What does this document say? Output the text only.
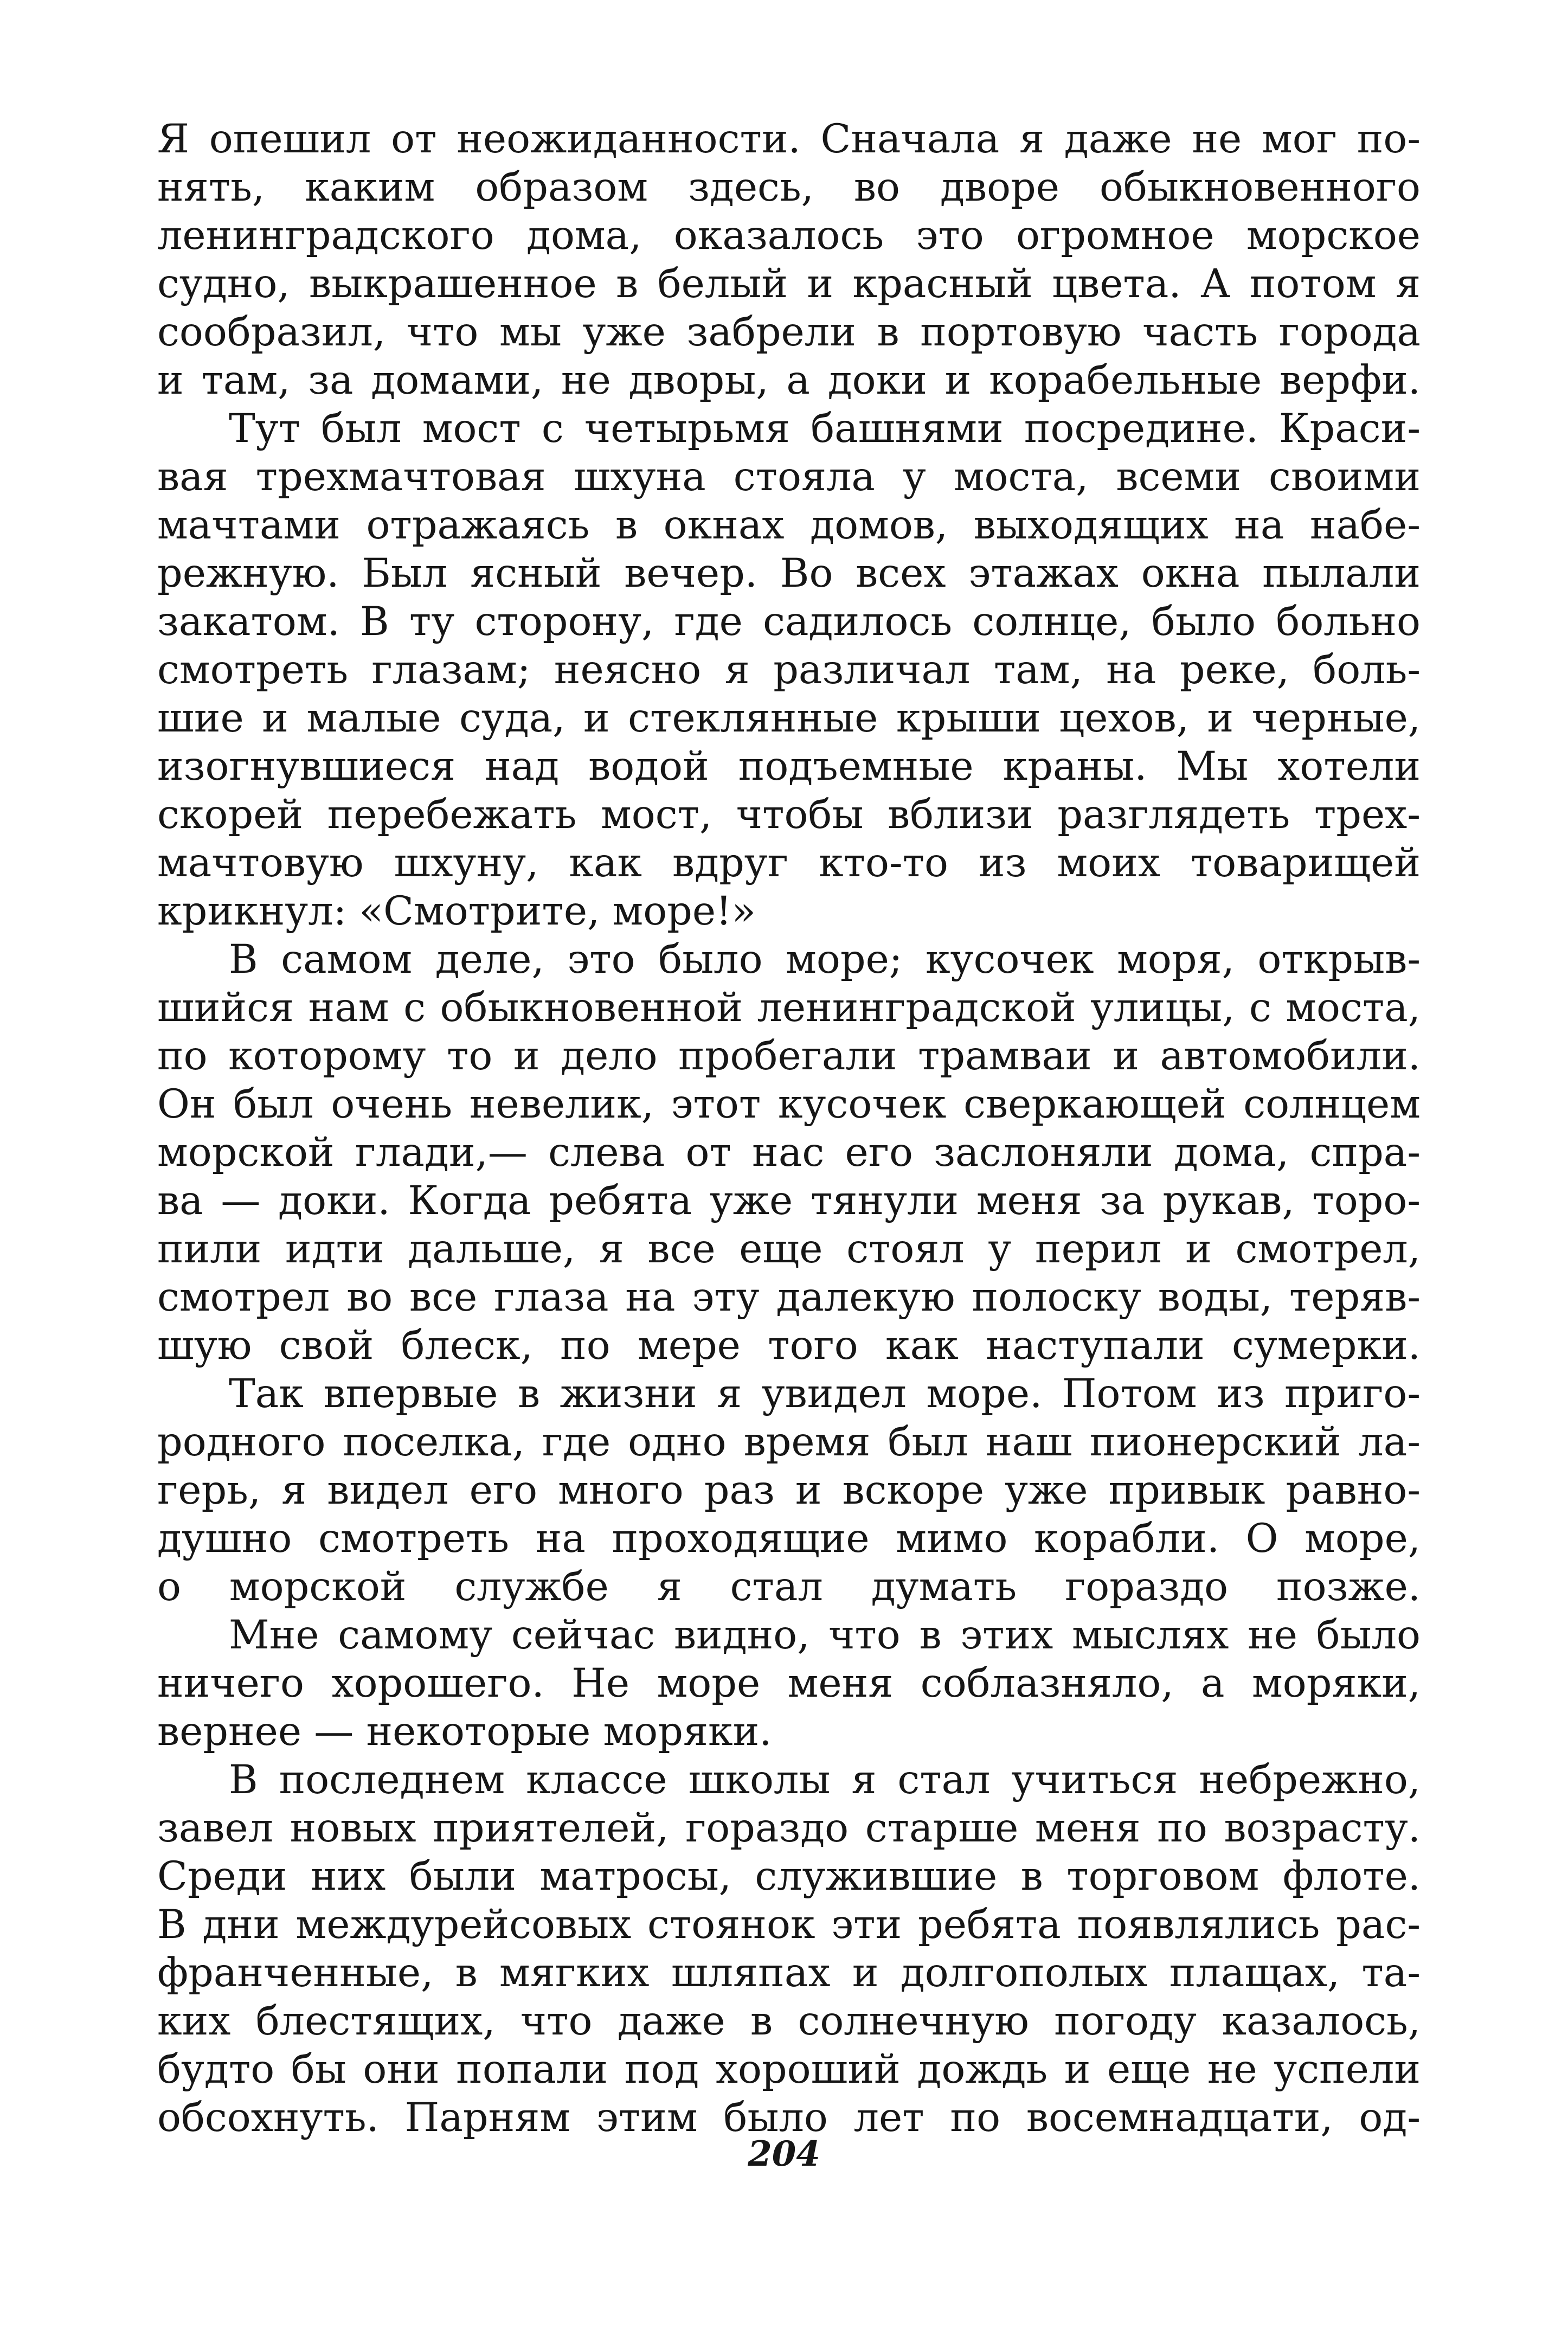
Я опешил от неожиданности. Сначала я даже не мог по-
нять, каким образом здесь, во дворе обыкновенного
ленинградского дома, оказалось это огромное морское
судно, выкрашенное в белый и красный цвета. А потом я
сообразил, что мы уже забрели в портовую часть города
и там, за домами, не дворы, а доки и корабельные верфи.
Тут был мост с четырьмя башнями посредине. Краси-
вая трехмачтовая шхуна стояла у моста, всеми своими
мачтами отражаясь в окнах домов, выходящих на набе-
режную. Был ясный вечер. Во всех этажах окна пылали
закатом. В ту сторону, где садилось солнце, было больно
смотреть глазам; неясно я различал там, на реке, боль-
шие и малые суда, и стеклянные крыши цехов, и черные,
изогнувшиеся над водой подъемные краны. Мы хотели
скорей перебежать мост, чтобы вблизи разглядеть трех-
мачтовую шхуну, как вдруг кто-то из моих товарищей
крикнул: «Смотрите, море!»
В самом деле, это было море; кусочек моря, открыв-
шийся нам с обыкновенной ленинградской улицы, с моста,
по которому то и дело пробегали трамваи и автомобили.
Он был очень невелик, этот кусочек сверкающей солнцем
морской глади,— слева от нас его заслоняли дома, спра-
ва — доки. Когда ребята уже тянули меня за рукав, торо-
пили идти дальше, я все еще стоял у перил и смотрел,
смотрел во все глаза на эту далекую полоску воды, теряв-
шую свой блеск, по мере того как наступали сумерки.
Так впервые в жизни я увидел море. Потом из приго-
родного поселка, где одно время был наш пионерский ла-
герь, я видел его много раз и вскоре уже привык равно-
душно смотреть на проходящие мимо корабли. О море,
о морской службе я стал думать гораздо позже.
Мне самому сейчас видно, что в этих мыслях не было
ничего хорошего. Не море меня соблазняло, а моряки,
вернее — некоторые моряки.
В последнем классе школы я стал учиться небрежно,
завел новых приятелей, гораздо старше меня по возрасту.
Среди них были матросы, служившие в торговом флоте.
В дни междурейсовых стоянок эти ребята появлялись рас-
франченные, в мягких шляпах и долгополых плащах, та-
ких блестящих, что даже в солнечную погоду казалось,
будто бы они попали под хороший дождь и еще не успели
обсохнуть. Парням этим было лет по восемнадцати, од-
204
